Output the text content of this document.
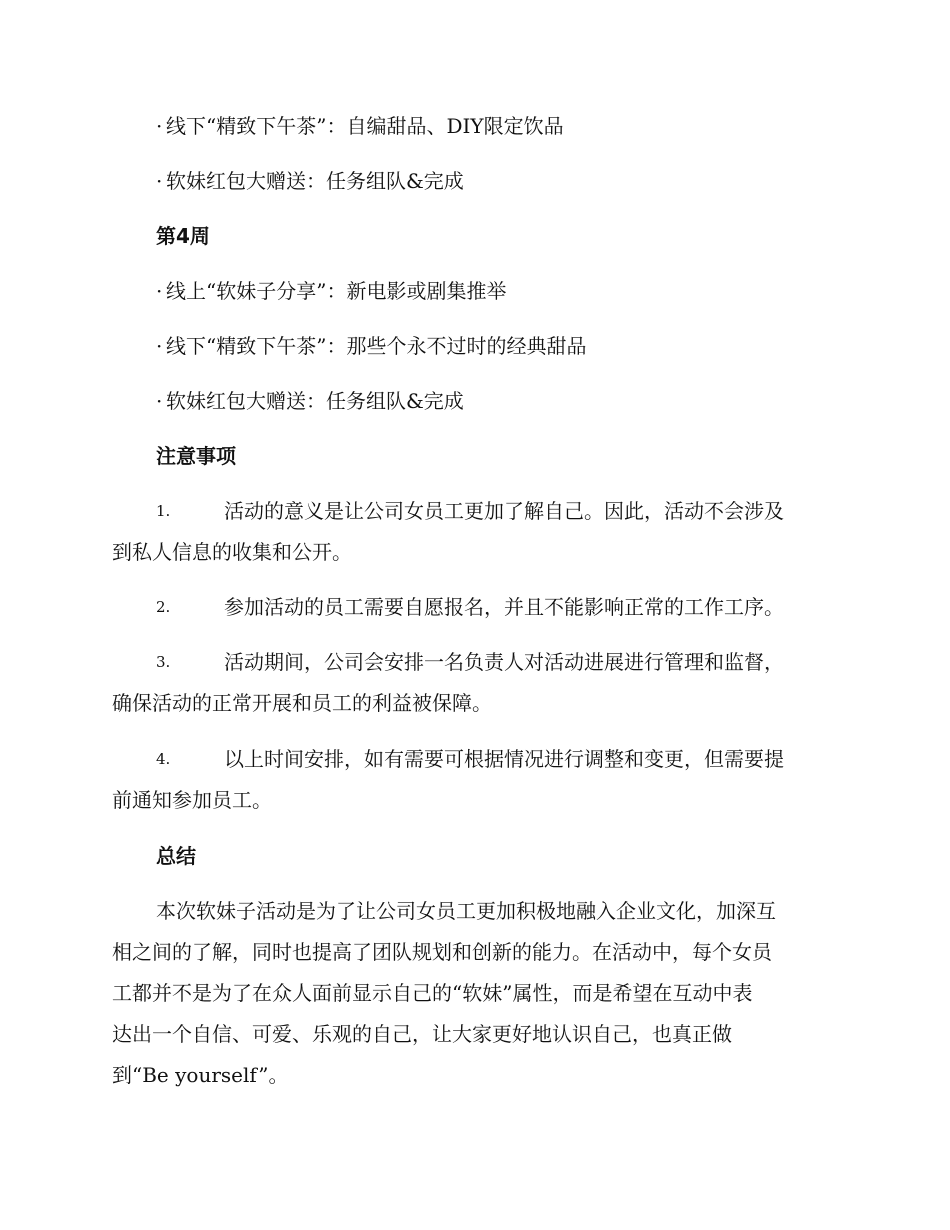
· 线下“精致下午茶”：自编甜品、DIY限定饮品
· 软妹红包大赠送：任务组队&完成
第4周
· 线上“软妹子分享”：新电影或剧集推举
· 线下“精致下午茶”：那些个永不过时的经典甜品
· 软妹红包大赠送：任务组队&完成
注意事项
1.	活动的意义是让公司女员工更加了解自己。因此，活动不会涉及
到私人信息的收集和公开。
2.	参加活动的员工需要自愿报名，并且不能影响正常的工作工序。
3.	活动期间，公司会安排一名负责人对活动进展进行管理和监督，
确保活动的正常开展和员工的利益被保障。
4.	以上时间安排，如有需要可根据情况进行调整和变更，但需要提
前通知参加员工。
总结
本次软妹子活动是为了让公司女员工更加积极地融入企业文化，加深互
相之间的了解，同时也提高了团队规划和创新的能力。在活动中，每个女员
工都并不是为了在众人面前显示自己的“软妹”属性，而是希望在互动中表
达出一个自信、可爱、乐观的自己，让大家更好地认识自己，也真正做
到“Be yourself”。
